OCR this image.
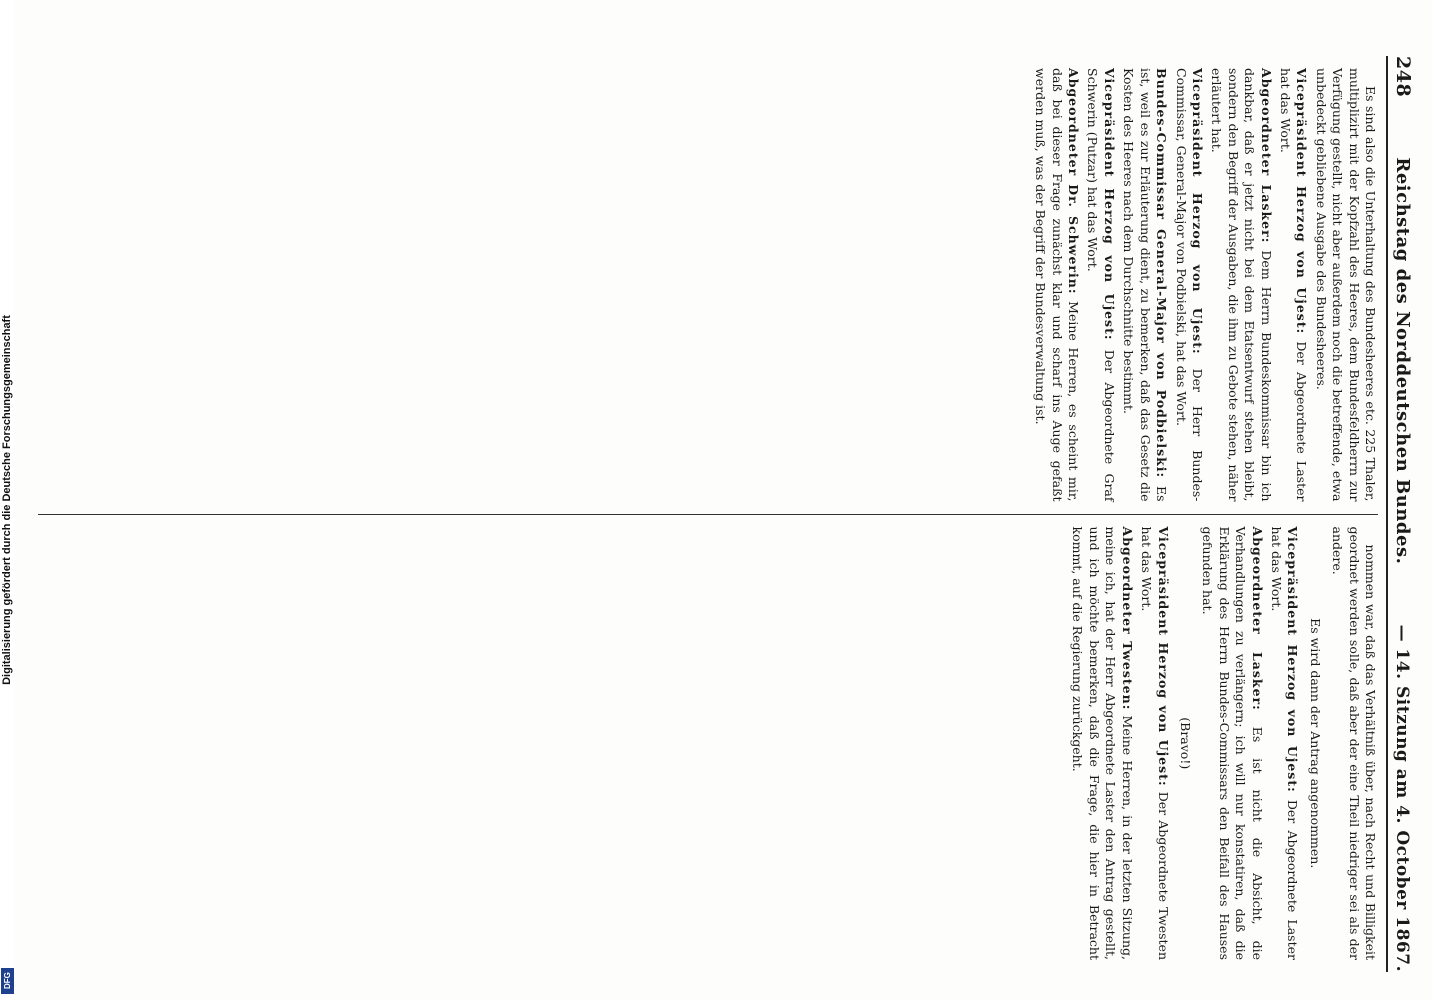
248
Reichstag des Norddeutschen Bundes.
— 14. Sitzung am 4. October 1867.

Es sind also die Unterhaltung des Bundesheeres etc. 225 Thaler, multiplizirt mit der Kopfzahl des Heeres, dem Bundesfeldherrn zur Verfügung gestellt, nicht aber außerdem noch die betreffende, etwa unbedeckt gebliebene Ausgabe des Bundesheeres.

Vicepräsident Herzog von Ujest: Der Abgeordnete Laster hat das Wort.

Abgeordneter Lasker: Dem Herrn Bundeskommissar bin ich dankbar, daß er jetzt nicht bei dem Etatsentwurf stehen bleibt, sondern den Begriff der Ausgaben, die ihm zu Gebote stehen, näher erläutert hat.

Vicepräsident Herzog von Ujest: Der Herr Bundes-Commissar, General-Major von Podbielski, hat das Wort.

Bundes-Commissar General-Major von Podbielski: Es ist, weil es zur Erläuterung dient, zu bemerken, daß das Gesetz die Kosten des Heeres nach dem Durchschnitte bestimmt.

Vicepräsident Herzog von Ujest: Der Abgeordnete Graf Schwerin (Putzar) hat das Wort.

Abgeordneter Dr. Schwerin: Meine Herren, es scheint mir, daß bei dieser Frage zunächst klar und scharf ins Auge gefaßt werden muß, was der Begriff der Bundesverwaltung ist.

nommen war, daß das Verhältniß über, nach Recht und Billigkeit geordnet werden solle, daß aber der eine Theil niedriger sei als der andere.

Es wird dann der Antrag angenommen.

Vicepräsident Herzog von Ujest: Der Abgeordnete Laster hat das Wort.

Abgeordneter Lasker: Es ist nicht die Absicht, die Verhandlungen zu verlängern; ich will nur konstatiren, daß die Erklärung des Herrn Bundes-Commissars den Beifall des Hauses gefunden hat.

(Bravo!)

Vicepräsident Herzog von Ujest: Der Abgeordnete Twesten hat das Wort.

Abgeordneter Twesten: Meine Herren, in der letzten Sitzung, meine ich, hat der Herr Abgeordnete Laster den Antrag gestellt, und ich möchte bemerken, daß die Frage, die hier in Betracht kommt, auf die Regierung zurückgeht.

Digitalisierung gefördert durch die Deutsche Forschungsgemeinschaft
DFG
